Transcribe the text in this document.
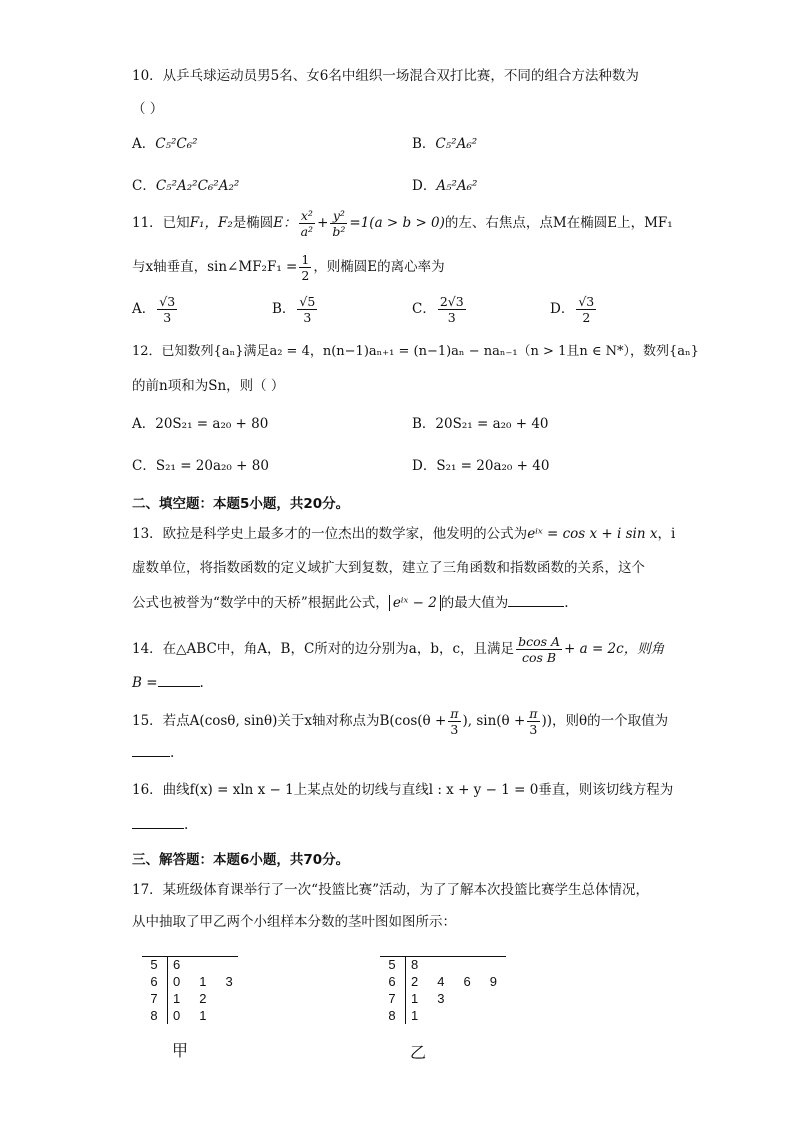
10．从乒乓球运动员男5名、女6名中组织一场混合双打比赛，不同的组合方法种数为
（ ）
A．C₅²C₆²	B．C₅²A₆²
C．C₅²A₂²C₆²A₂²	D．A₅²A₆²
11．已知F₁，F₂是椭圆E： $\frac{\text{x²}}{\text{a²}} + \frac{\text{y²}}{\text{b²}} =1(a > b > 0)$的左、右焦点，点M在椭圆E上，MF₁
与x轴垂直，sin∠MF₂F₁ = $\frac{1}{2}$ ，则椭圆E的离心率为
A． $\frac{√3}{3}$	B． $\frac{√5}{3}$	C． $\frac{2√3}{3}$	D． $\frac{√3}{2}$
12．已知数列{aₙ}满足a₂ = 4，n(n−1)aₙ₊₁ = (n−1)aₙ − naₙ₋₁（n > 1且n ∈ N*），数列{aₙ}
的前n项和为Sn，则（ ）
A．20S₂₁ = a₂₀ + 80	B．20S₂₁ = a₂₀ + 40
C．S₂₁ = 20a₂₀ + 80	D．S₂₁ = 20a₂₀ + 40
二、填空题：本题5小题，共20分。
13．欧拉是科学史上最多才的一位杰出的数学家，他发明的公式为eⁱˣ = cos x + i sin x，i
虚数单位，将指数函数的定义域扩大到复数，建立了三角函数和指数函数的关系，这个
公式也被誉为“数学中的天桥”根据此公式， eⁱˣ − 2 的最大值为	.
14．在△ABC中，角A，B，C所对的边分别为a，b，c，且满足 $\frac{\text{bcos A}}{\text{cos B}} + a = 2c$，则角
B =	.
15．若点A(cosθ, sinθ)关于x轴对称点为$B(\cos(\theta + \frac{\pi}{3}$ ), $\sin(\theta + \frac{\pi}{3}$ ))，则θ的一个取值为
.
16．曲线f(x) = xln x − 1上某点处的切线与直线l : x + y − 1 = 0垂直，则该切线方程为
.
三、解答题：本题6小题，共70分。
17．某班级体育课举行了一次“投篮比赛”活动，为了了解本次投篮比赛学生总体情况，
从中抽取了甲乙两个小组样本分数的茎叶图如图所示：
5	6		
6	0	1	3
7	1	2	
8	0	1	
甲
5	8			
6	2	4	6	9
7	1	3		
8	1			
乙
